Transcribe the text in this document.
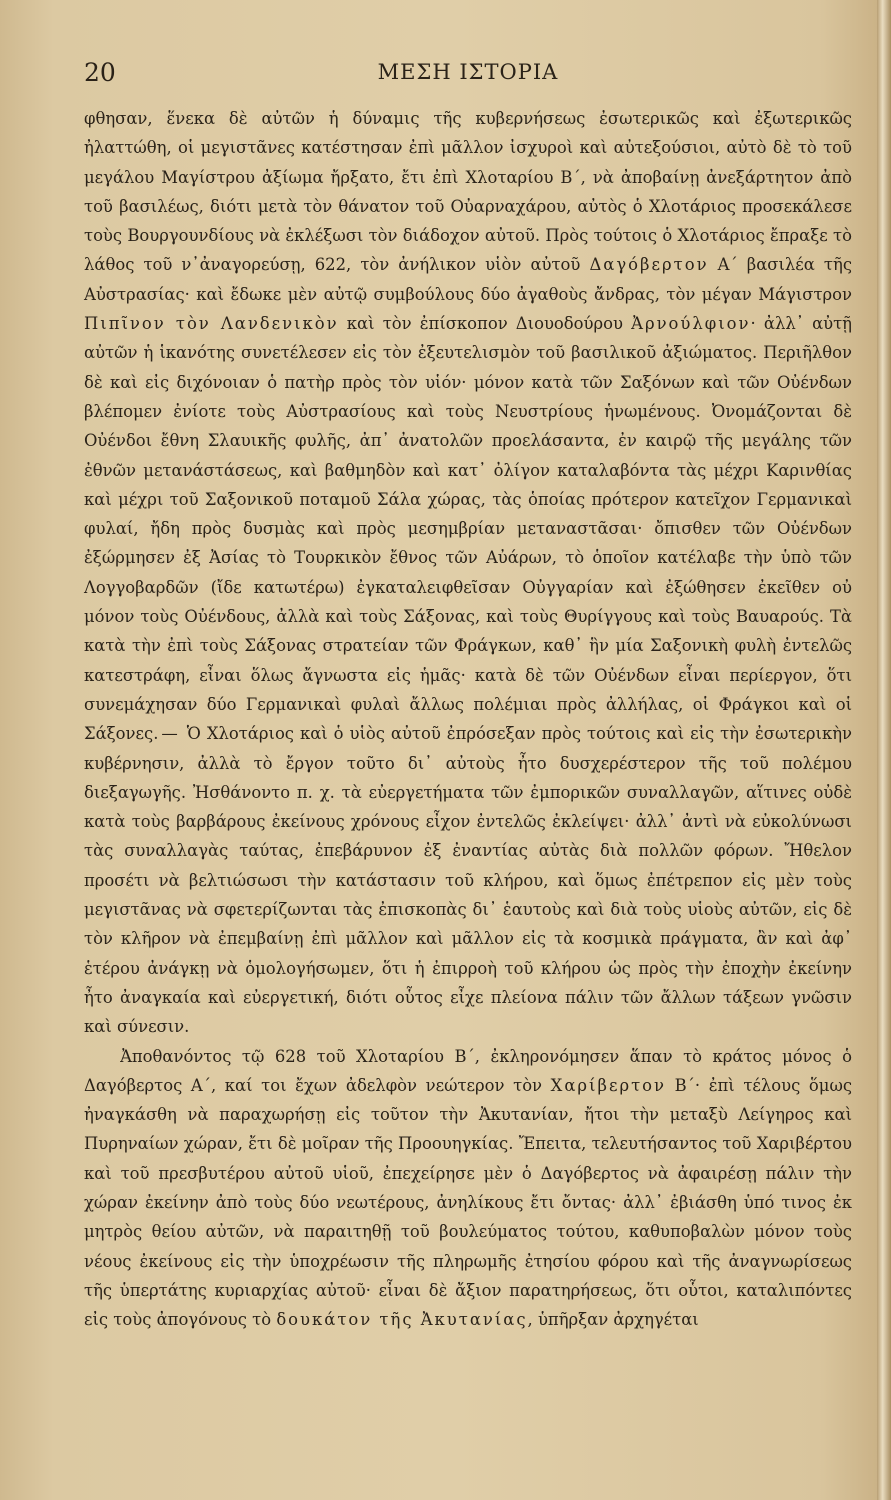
20	ΜΕΣΗ ΙΣΤΟΡΙΑ

φθησαν, ἕνεκα δὲ αὐτῶν ἡ δύναμις τῆς κυβερνήσεως ἐσωτερικῶς καὶ ἐξωτερικῶς ἠλαττώθη, οἱ μεγιστᾶνες κατέστησαν ἐπὶ μᾶλλον ἰσχυροὶ καὶ αὐτεξούσιοι, αὐτὸ δὲ τὸ τοῦ μεγάλου Μαγίστρου ἀξίωμα ἤρξατο, ἔτι ἐπὶ Χλοταρίου Β΄, νὰ ἀποβαίνῃ ἀνεξάρτητον ἀπὸ τοῦ βασιλέως, διότι μετὰ τὸν θάνατον τοῦ Οὐαρναχάρου, αὐτὸς ὁ Χλοτάριος προσεκάλεσε τοὺς Βουργουνδίους νὰ ἐκλέξωσι τὸν διάδοχον αὐτοῦ. Πρὸς τούτοις ὁ Χλοτάριος ἔπραξε τὸ λάθος τοῦ ν᾽ἀναγορεύσῃ, 622, τὸν ἀνήλικον υἱὸν αὐτοῦ Δαγόβερτον Α΄ βασιλέα τῆς Αὐστρασίας· καὶ ἔδωκε μὲν αὐτῷ συμβούλους δύο ἀγαθοὺς ἄνδρας, τὸν μέγαν Μάγιστρον Πιπῖνον τὸν Λανδενικὸν καὶ τὸν ἐπίσκοπον Διουοδούρου Ἀρνούλφιον· ἀλλ᾽ αὐτῇ αὐτῶν ἡ ἱκανότης συνετέλεσεν εἰς τὸν ἐξευτελισμὸν τοῦ βασιλικοῦ ἀξιώματος. Περιῆλθον δὲ καὶ εἰς διχόνοιαν ὁ πατὴρ πρὸς τὸν υἱόν· μόνον κατὰ τῶν Σαξόνων καὶ τῶν Οὐένδων βλέπομεν ἐνίοτε τοὺς Αὐστρασίους καὶ τοὺς Νευστρίους ἡνωμένους. Ὀνομάζονται δὲ Οὐένδοι ἔθνη Σλαυικῆς φυλῆς, ἀπ᾽ ἀνατολῶν προελάσαντα, ἐν καιρῷ τῆς μεγάλης τῶν ἐθνῶν μετανάστάσεως, καὶ βαθμηδὸν καὶ κατ᾽ ὀλίγον καταλαβόντα τὰς μέχρι Καρινθίας καὶ μέχρι τοῦ Σαξονικοῦ ποταμοῦ Σάλα χώρας, τὰς ὁποίας πρότερον κατεῖχον Γερμανικαὶ φυλαί, ἤδη πρὸς δυσμὰς καὶ πρὸς μεσημβρίαν μεταναστᾶσαι· ὄπισθεν τῶν Οὐένδων ἐξώρμησεν ἐξ Ἀσίας τὸ Τουρκικὸν ἔθνος τῶν Αὐάρων, τὸ ὁποῖον κατέλαβε τὴν ὑπὸ τῶν Λογγοβαρδῶν (ἴδε κατωτέρω) ἐγκαταλειφθεῖσαν Οὐγγαρίαν καὶ ἐξώθησεν ἐκεῖθεν οὐ μόνον τοὺς Οὐένδους, ἀλλὰ καὶ τοὺς Σάξονας, καὶ τοὺς Θυρίγγους καὶ τοὺς Βαυαρούς. Τὰ κατὰ τὴν ἐπὶ τοὺς Σάξονας στρατείαν τῶν Φράγκων, καθ᾽ ἣν μία Σαξονικὴ φυλὴ ἐντελῶς κατεστράφη, εἶναι ὅλως ἄγνωστα εἰς ἡμᾶς· κατὰ δὲ τῶν Οὐένδων εἶναι περίεργον, ὅτι συνεμάχησαν δύο Γερμανικαὶ φυλαὶ ἄλλως πολέμιαι πρὸς ἀλλήλας, οἱ Φράγκοι καὶ οἱ Σάξονες. — Ὁ Χλοτάριος καὶ ὁ υἱὸς αὐτοῦ ἐπρόσεξαν πρὸς τούτοις καὶ εἰς τὴν ἐσωτερικὴν κυβέρνησιν, ἀλλὰ τὸ ἔργον τοῦτο δι᾽ αὐτοὺς ἦτο δυσχερέστερον τῆς τοῦ πολέμου διεξαγωγῆς. Ἠσθάνοντο π. χ. τὰ εὐεργετήματα τῶν ἐμπορικῶν συναλλαγῶν, αἵτινες οὐδὲ κατὰ τοὺς βαρβάρους ἐκείνους χρόνους εἶχον ἐντελῶς ἐκλείψει· ἀλλ᾽ ἀντὶ νὰ εὐκολύνωσι τὰς συναλλαγὰς ταύτας, ἐπεβάρυνον ἐξ ἐναντίας αὐτὰς διὰ πολλῶν φόρων. Ἤθελον προσέτι νὰ βελτιώσωσι τὴν κατάστασιν τοῦ κλήρου, καὶ ὅμως ἐπέτρεπον εἰς μὲν τοὺς μεγιστᾶνας νὰ σφετερίζωνται τὰς ἐπισκοπὰς δι᾽ ἑαυτοὺς καὶ διὰ τοὺς υἱοὺς αὐτῶν, εἰς δὲ τὸν κλῆρον νὰ ἐπεμβαίνῃ ἐπὶ μᾶλλον καὶ μᾶλλον εἰς τὰ κοσμικὰ πράγματα, ἂν καὶ ἀφ᾽ ἑτέρου ἀνάγκῃ νὰ ὁμολογήσωμεν, ὅτι ἡ ἐπιρροὴ τοῦ κλήρου ὡς πρὸς τὴν ἐποχὴν ἐκείνην ἦτο ἀναγκαία καὶ εὐεργετική, διότι οὗτος εἶχε πλείονα πάλιν τῶν ἄλλων τάξεων γνῶσιν καὶ σύνεσιν.

Ἀποθανόντος τῷ 628 τοῦ Χλοταρίου Β΄, ἐκληρονόμησεν ἅπαν τὸ κράτος μόνος ὁ Δαγόβερτος Α΄, καί τοι ἔχων ἀδελφὸν νεώτερον τὸν Χαρίβερτον Β΄· ἐπὶ τέλους ὅμως ἠναγκάσθη νὰ παραχωρήσῃ εἰς τοῦτον τὴν Ἀκυτανίαν, ἤτοι τὴν μεταξὺ Λείγηρος καὶ Πυρηναίων χώραν, ἔτι δὲ μοῖραν τῆς Προουηγκίας. Ἔπειτα, τελευτήσαντος τοῦ Χαριβέρτου καὶ τοῦ πρεσβυτέρου αὐτοῦ υἱοῦ, ἐπεχείρησε μὲν ὁ Δαγόβερτος νὰ ἀφαιρέσῃ πάλιν τὴν χώραν ἐκείνην ἀπὸ τοὺς δύο νεωτέρους, ἀνηλίκους ἔτι ὄντας· ἀλλ᾽ ἐβιάσθη ὑπό τινος ἐκ μητρὸς θείου αὐτῶν, νὰ παραιτηθῇ τοῦ βουλεύματος τούτου, καθυποβαλὼν μόνον τοὺς νέους ἐκείνους εἰς τὴν ὑποχρέωσιν τῆς πληρωμῆς ἐτησίου φόρου καὶ τῆς ἀναγνωρίσεως τῆς ὑπερτάτης κυριαρχίας αὐτοῦ· εἶναι δὲ ἄξιον παρατηρήσεως, ὅτι οὗτοι, καταλιπόντες εἰς τοὺς ἀπογόνους τὸ δουκάτον τῆς Ἀκυτανίας, ὑπῆρξαν ἀρχηγέται
